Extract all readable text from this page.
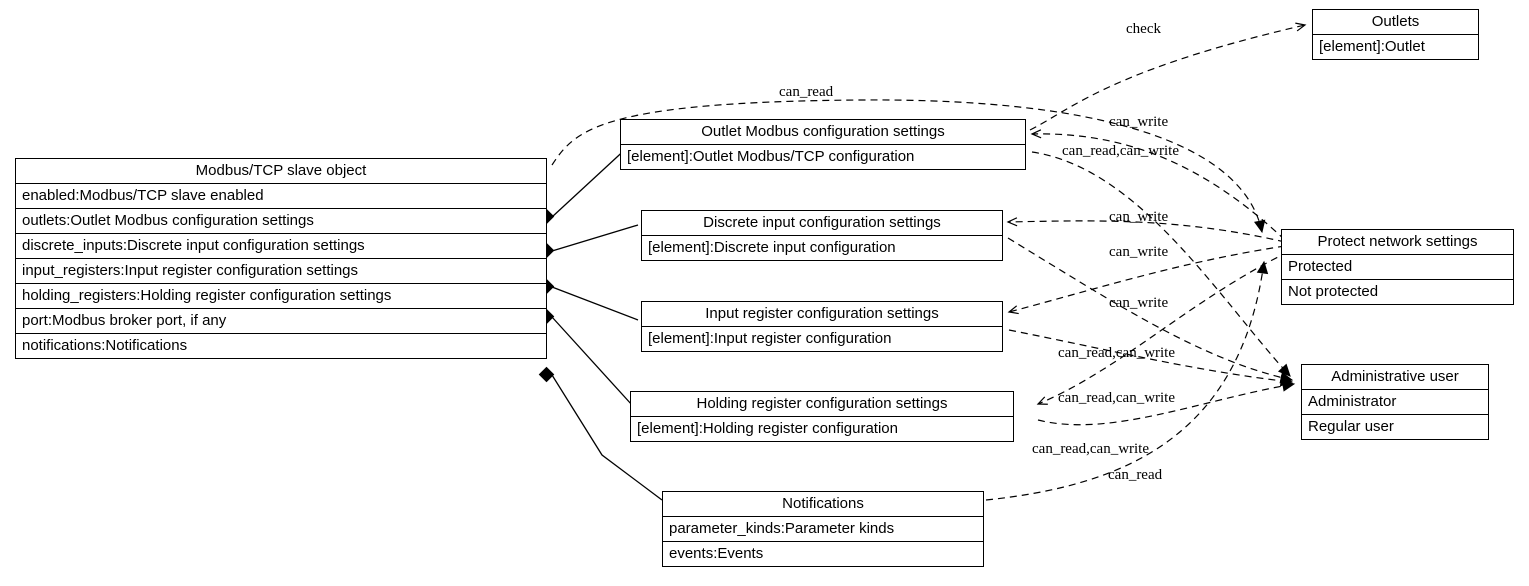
Modbus/TCP slave object
enabled:Modbus/TCP slave enabled
outlets:Outlet Modbus configuration settings
discrete_inputs:Discrete input configuration settings
input_registers:Input register configuration settings
holding_registers:Holding register configuration settings
port:Modbus broker port, if any
notifications:Notifications
Outlet Modbus configuration settings
[element]:Outlet Modbus/TCP configuration
Discrete input configuration settings
[element]:Discrete input configuration
Input register configuration settings
[element]:Input register configuration
Holding register configuration settings
[element]:Holding register configuration
Notifications
parameter_kinds:Parameter kinds
events:Events
Outlets
[element]:Outlet
Protect network settings
Protected
Not protected
Administrative user
Administrator
Regular user
check
can_read
can_write
can_read,can_write
can_write
can_write
can_write
can_read,can_write
can_read,can_write
can_read,can_write
can_read
